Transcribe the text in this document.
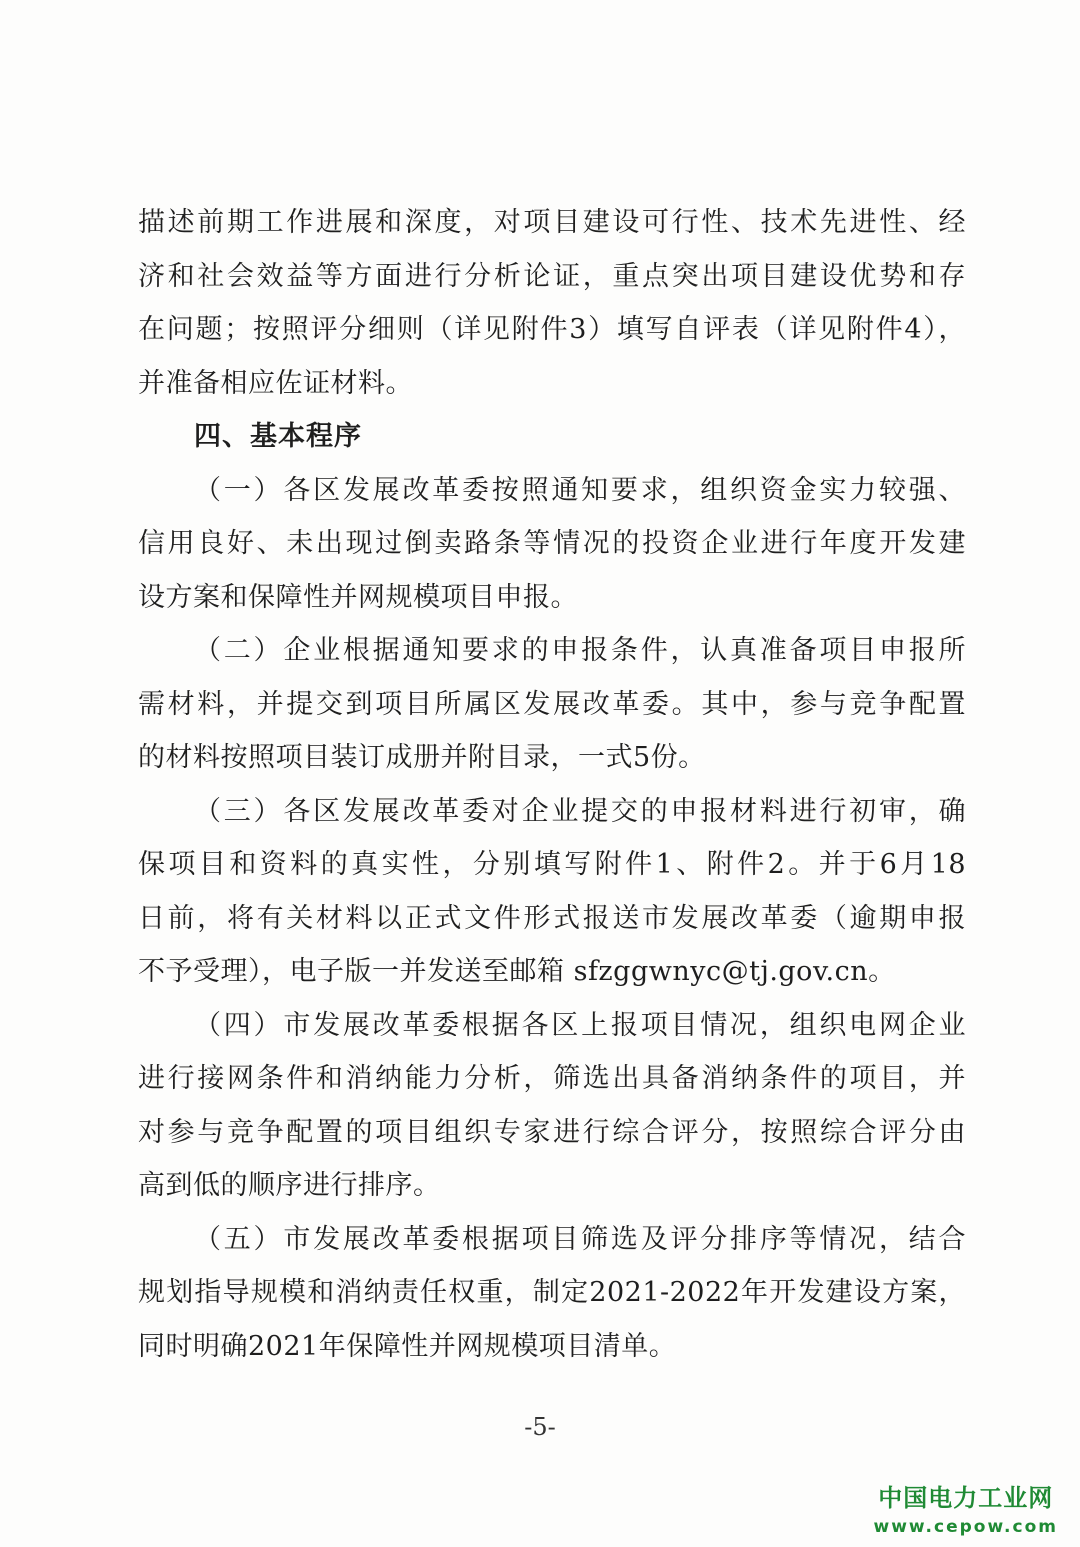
描述前期工作进展和深度，对项目建设可行性、技术先进性、经
济和社会效益等方面进行分析论证，重点突出项目建设优势和存
在问题；按照评分细则（详见附件3）填写自评表（详见附件4），
并准备相应佐证材料。
四、基本程序
（一）各区发展改革委按照通知要求，组织资金实力较强、
信用良好、未出现过倒卖路条等情况的投资企业进行年度开发建
设方案和保障性并网规模项目申报。
（二）企业根据通知要求的申报条件，认真准备项目申报所
需材料，并提交到项目所属区发展改革委。其中，参与竞争配置
的材料按照项目装订成册并附目录，一式5份。
（三）各区发展改革委对企业提交的申报材料进行初审，确
保项目和资料的真实性，分别填写附件1、附件2。并于6月18
日前，将有关材料以正式文件形式报送市发展改革委（逾期申报
不予受理），电子版一并发送至邮箱 sfzggwnyc@tj.gov.cn。
（四）市发展改革委根据各区上报项目情况，组织电网企业
进行接网条件和消纳能力分析，筛选出具备消纳条件的项目，并
对参与竞争配置的项目组织专家进行综合评分，按照综合评分由
高到低的顺序进行排序。
（五）市发展改革委根据项目筛选及评分排序等情况，结合
规划指导规模和消纳责任权重，制定2021-2022年开发建设方案，
同时明确2021年保障性并网规模项目清单。
-5-
中国电力工业网
www.cepow.com
